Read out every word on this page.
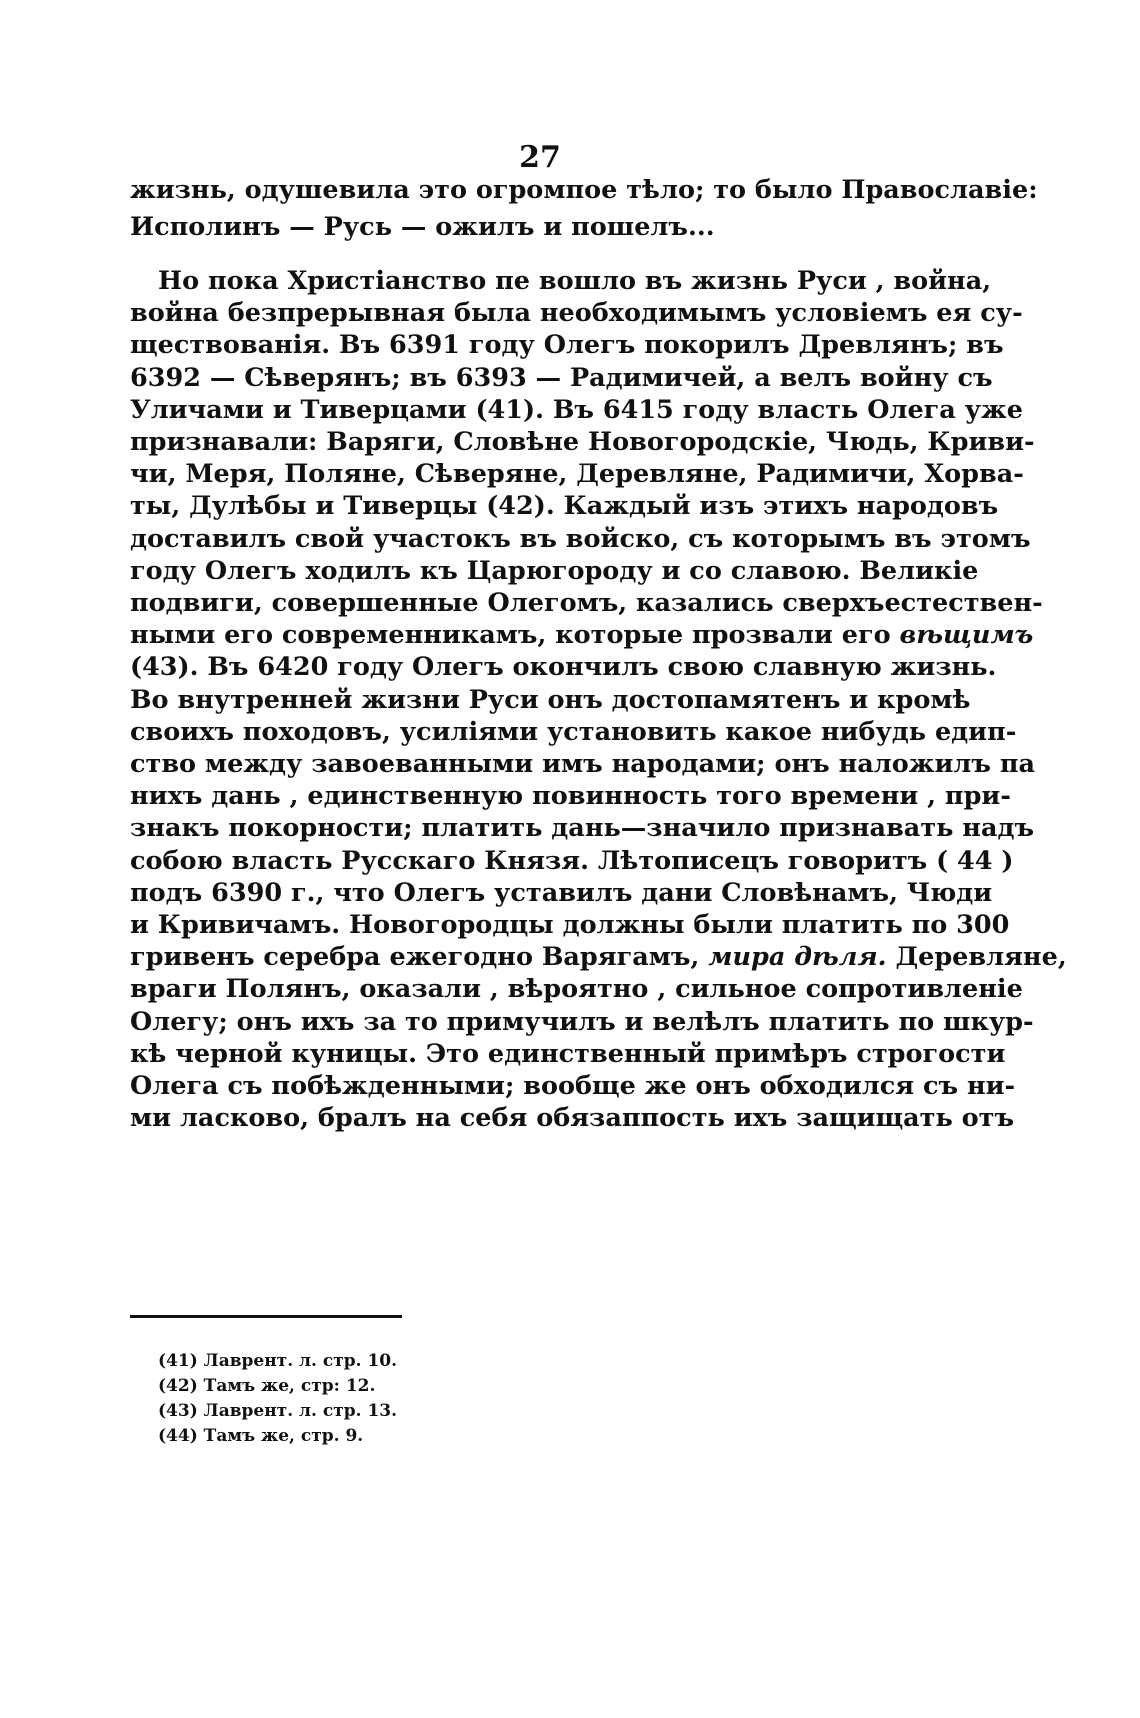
27
жизнь, одушевила это огромпое тѣло; то было Православіе:
Исполинъ — Русь — ожилъ и пошелъ...
Но пока Христіанство пе вошло въ жизнь Руси , война,
война безпрерывная была необходимымъ условіемъ ея су-
ществованія. Въ 6391 году Олегъ покорилъ Древлянъ; въ
6392 — Сѣверянъ; въ 6393 — Радимичей, а велъ войну съ
Уличами и Тиверцами (41). Въ 6415 году власть Олега уже
признавали: Варяги, Словѣне Новогородскіе, Чюдь, Криви-
чи, Меря, Поляне, Сѣверяне, Деревляне, Радимичи, Хорва-
ты, Дулѣбы и Тиверцы (42). Каждый изъ этихъ народовъ
доставилъ свой участокъ въ войско, съ которымъ въ этомъ
году Олегъ ходилъ къ Царюгороду и со славою. Великіе
подвиги, совершенные Олегомъ, казались сверхъестествен-
ными его современникамъ, которые прозвали его вѣщимъ
(43). Въ 6420 году Олегъ окончилъ свою славную жизнь.
Во внутренней жизни Руси онъ достопамятенъ и кромѣ
своихъ походовъ, усиліями установить какое нибудь едип-
ство между завоеванными имъ народами; онъ наложилъ па
нихъ дань , единственную повинность того времени , при-
знакъ покорности; платить дань—значило признавать надъ
собою власть Русскаго Князя. Лѣтописецъ говоритъ ( 44 )
подъ 6390 г., что Олегъ уставилъ дани Словѣнамъ, Чюди
и Кривичамъ. Новогородцы должны были платить по 300
гривенъ серебра ежегодно Варягамъ, мира дѣля. Деревляне,
враги Полянъ, оказали , вѣроятно , сильное сопротивленіе
Олегу; онъ ихъ за то примучилъ и велѣлъ платить по шкур-
кѣ черной куницы. Это единственный примѣръ строгости
Олега съ побѣжденными; вообще же онъ обходился съ ни-
ми ласково, бралъ на себя обязаппость ихъ защищать отъ
(41) Лаврент. л. стр. 10.
(42) Тамъ же, стр: 12.
(43) Лаврент. л. стр. 13.
(44) Тамъ же, стр. 9.
